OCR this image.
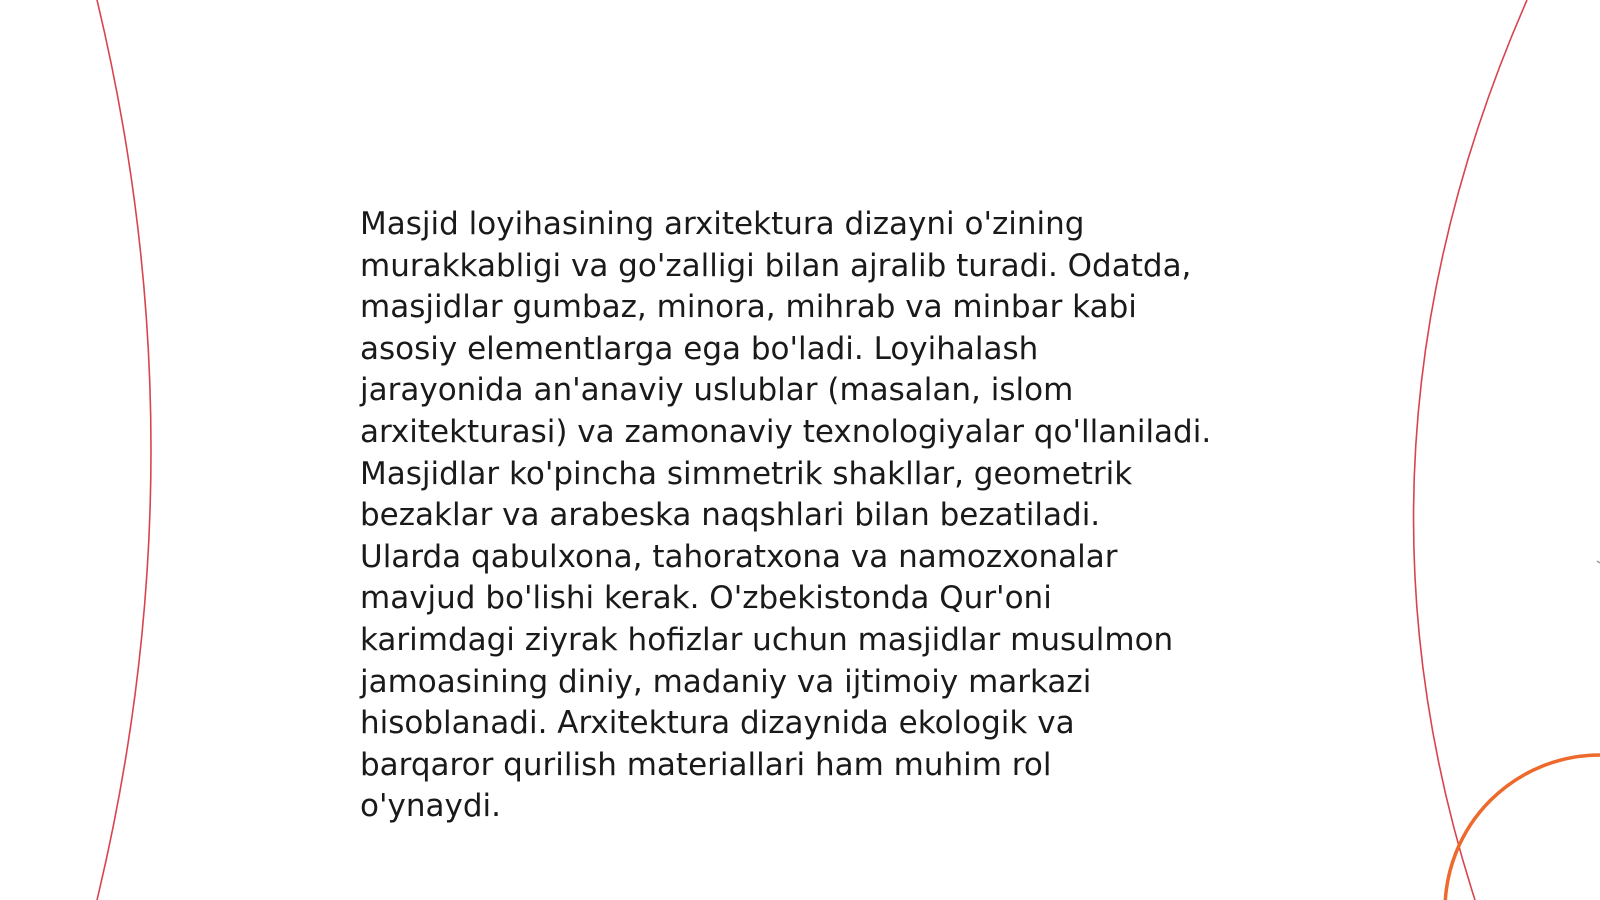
Masjid loyihasining arxitektura dizayni o'zining
murakkabligi va go'zalligi bilan ajralib turadi. Odatda,
masjidlar gumbaz, minora, mihrab va minbar kabi
asosiy elementlarga ega bo'ladi. Loyihalash
jarayonida an'anaviy uslublar (masalan, islom
arxitekturasi) va zamonaviy texnologiyalar qo'llaniladi.
Masjidlar ko'pincha simmetrik shakllar, geometrik
bezaklar va arabeska naqshlari bilan bezatiladi.
Ularda qabulxona, tahoratxona va namozxonalar
mavjud bo'lishi kerak. O'zbekistonda Qur'oni
karimdagi ziyrak hofizlar uchun masjidlar musulmon
jamoasining diniy, madaniy va ijtimoiy markazi
hisoblanadi. Arxitektura dizaynida ekologik va
barqaror qurilish materiallari ham muhim rol
o'ynaydi.
